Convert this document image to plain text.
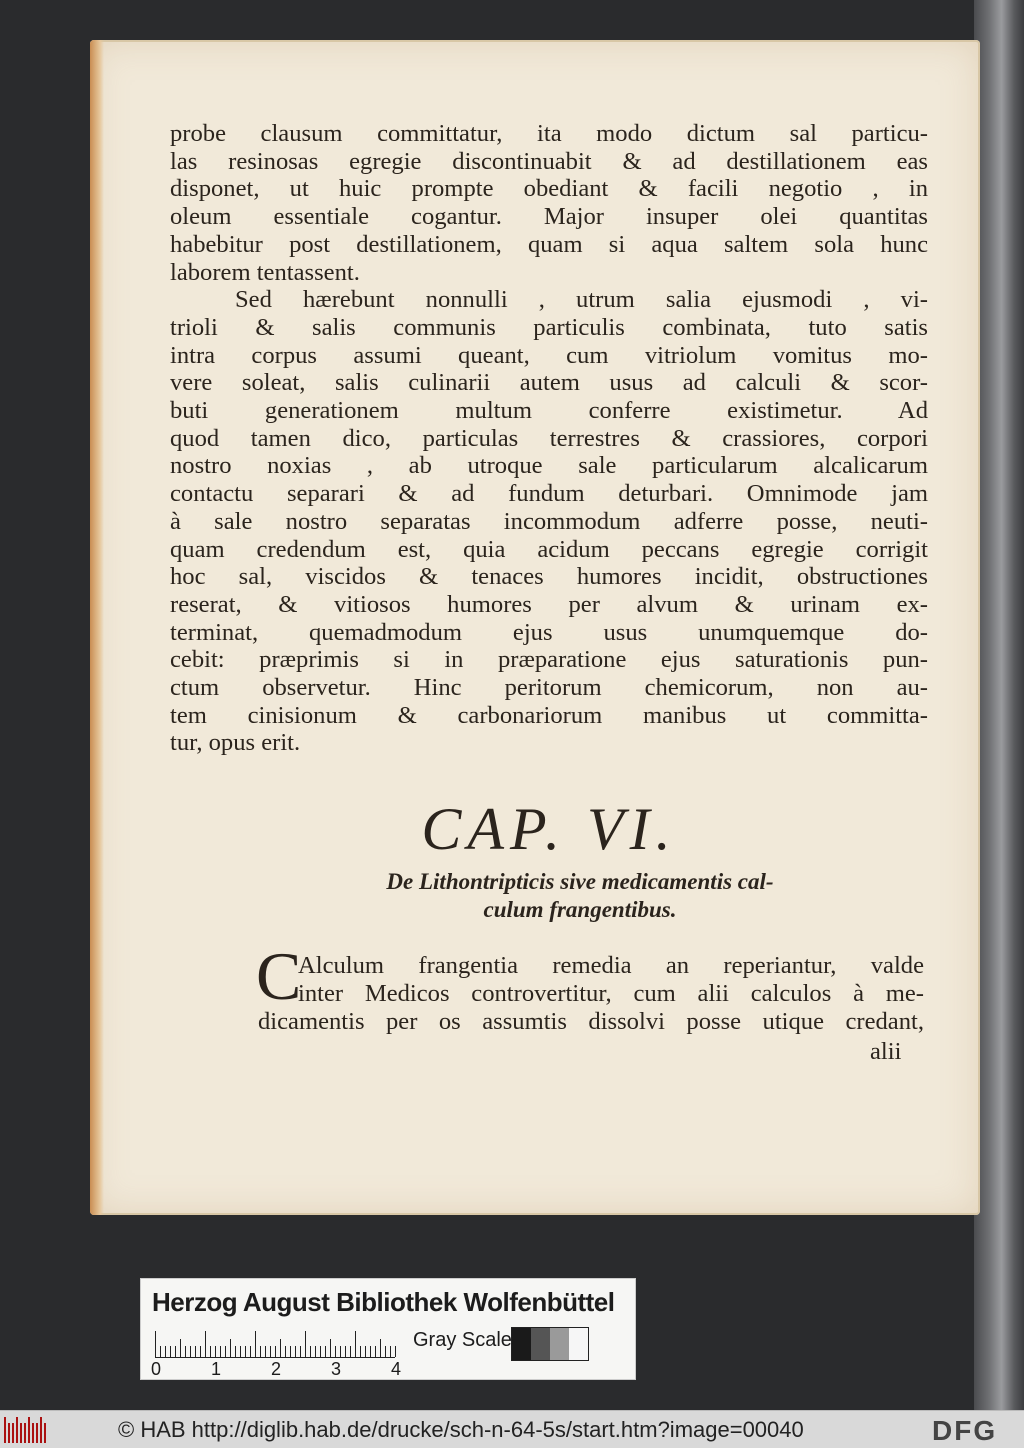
probe clausum committatur, ita modo dictum sal particu-
las resinosas egregie discontinuabit & ad destillationem eas
disponet, ut huic prompte obediant & facili negotio , in
oleum essentiale cogantur. Major insuper olei quantitas
habebitur post destillationem, quam si aqua saltem sola hunc
laborem tentassent.

Sed hærebunt nonnulli , utrum salia ejusmodi , vi-
trioli & salis communis particulis combinata, tuto satis
intra corpus assumi queant, cum vitriolum vomitus mo-
vere soleat, salis culinarii autem usus ad calculi & scor-
buti generationem multum conferre existimetur. Ad
quod tamen dico, particulas terrestres & crassiores, corpori
nostro noxias , ab utroque sale particularum alcalicarum
contactu separari & ad fundum deturbari. Omnimode jam
à sale nostro separatas incommodum adferre posse, neuti-
quam credendum est, quia acidum peccans egregie corrigit
hoc sal, viscidos & tenaces humores incidit, obstructiones
reserat, & vitiosos humores per alvum & urinam ex-
terminat, quemadmodum ejus usus unumquemque do-
cebit: præprimis si in præparatione ejus saturationis pun-
ctum observetur. Hinc peritorum chemicorum, non au-
tem cinisionum & carbonariorum manibus ut committa-
tur, opus erit.

CAP. VI.
De Lithontripticis sive medicamentis cal-
culum frangentibus.
C
Alculum frangentia remedia an reperiantur, valde
inter Medicos controvertitur, cum alii calculos à me-
dicamentis per os assumtis dissolvi posse utique credant,
alii
Herzog August Bibliothek Wolfenbüttel
0	1	2	3	4
Gray Scale
© HAB http://diglib.hab.de/drucke/sch-n-64-5s/start.htm?image=00040	DFG
